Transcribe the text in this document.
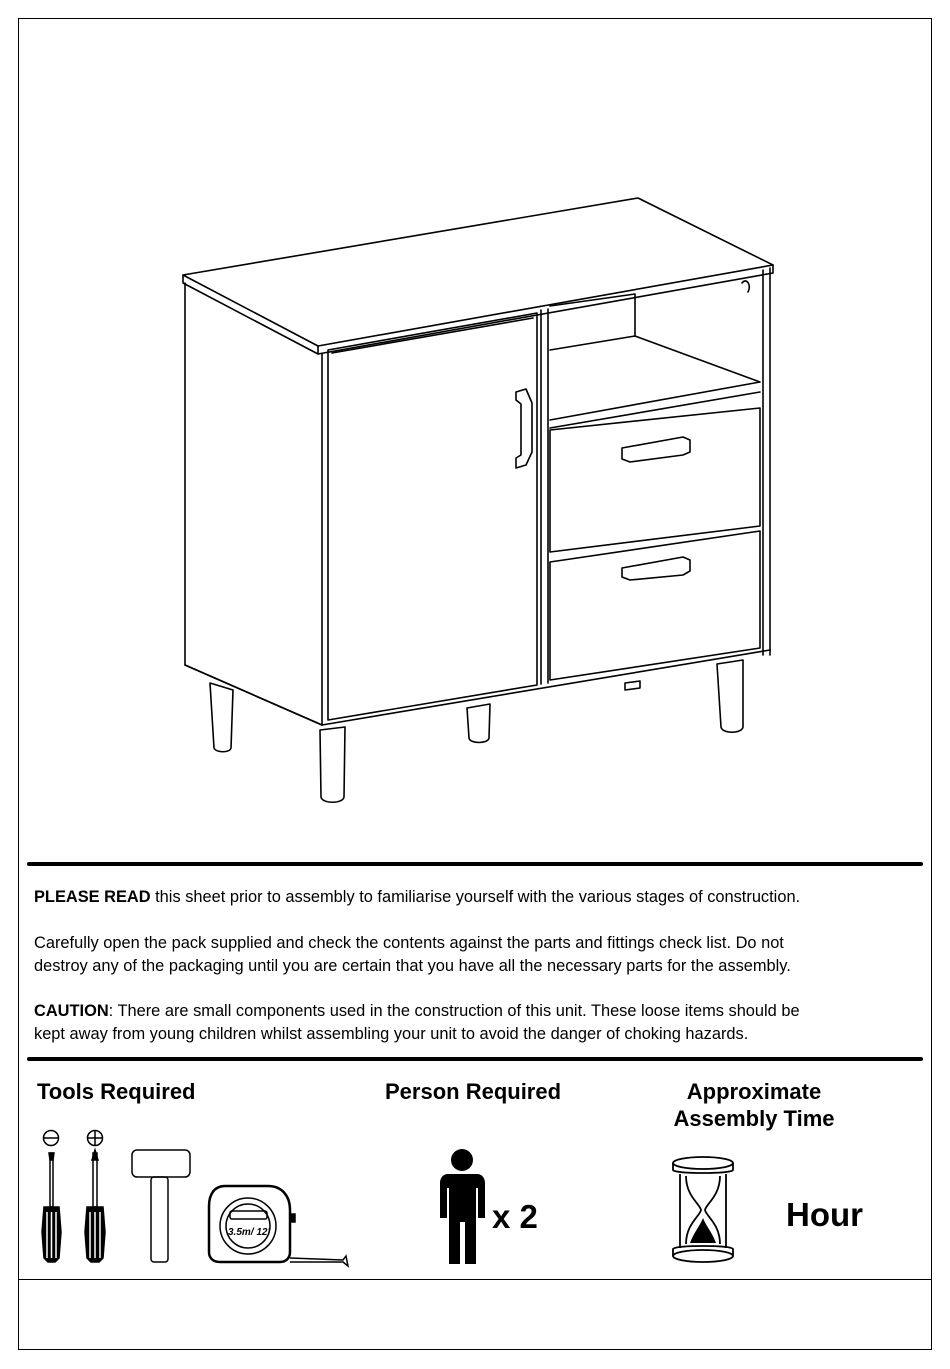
PLEASE READ this sheet prior to assembly to familiarise yourself with the various stages of construction.
Carefully open the pack supplied and check the contents against the parts and fittings check list. Do not
destroy any of the packaging until you are certain that you have all the necessary parts for the assembly.
CAUTION: There are small components used in the construction of this unit. These loose items should be
kept away from young children whilst assembling your unit to avoid the danger of choking hazards.
Tools Required	Person Required	Approximate
Assembly Time
3.5m/ 12'	x 2	Hour
